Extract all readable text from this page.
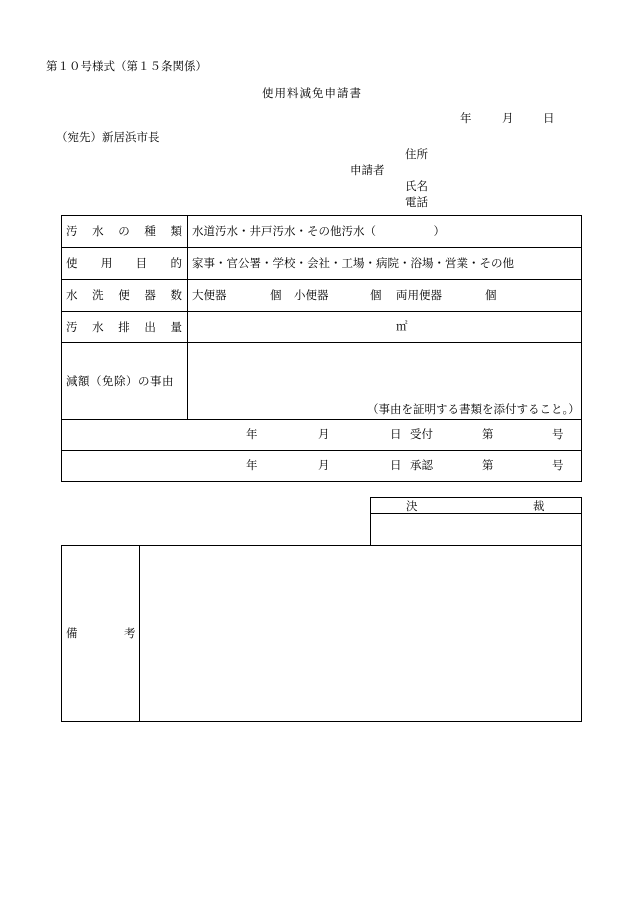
第１０号様式（第１５条関係）
使用料減免申請書
年	月	日
（宛先）新居浜市長
住所
申請者
氏名
電話
汚 水 の 種 類 水道汚水・井戸汚水・その他汚水（　　　　　）
使 用 目 的 家事・官公署・学校・会社・工場・病院・浴場・営業・その他
水 洗 便 器 数 大便器	個 小便器	個 両用便器	個
汚 水 排 出 量	㎡
減額（免除）の事由
（事由を証明する書類を添付すること。）
年	月	日 受付	第	号
年	月	日 承認	第	号
決	裁
備	考
